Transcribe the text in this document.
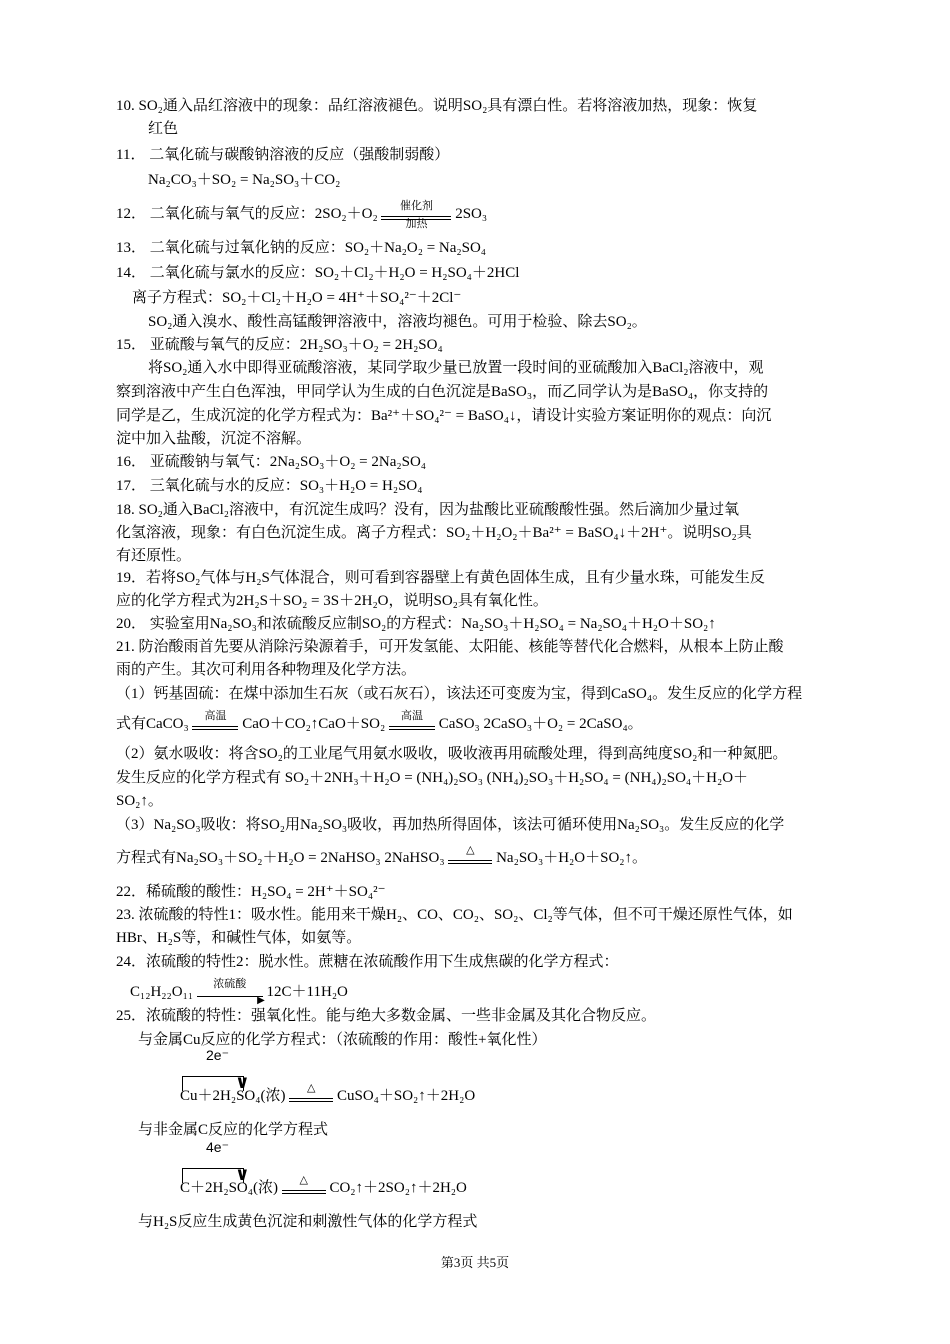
10. SO₂通入品红溶液中的现象：品红溶液褪色。说明SO₂具有漂白性。若将溶液加热，现象：恢复
红色
11． 二氧化硫与碳酸钠溶液的反应（强酸制弱酸）
Na₂CO₃＋SO₂ = Na₂SO₃＋CO₂
12． 二氧化硫与氧气的反应：2SO₂＋O₂
催化剂
加热
2SO₃
13． 二氧化硫与过氧化钠的反应：SO₂＋Na₂O₂ = Na₂SO₄
14． 二氧化硫与氯水的反应：SO₂＋Cl₂＋H₂O = H₂SO₄＋2HCl
离子方程式：SO₂＋Cl₂＋H₂O = 4H⁺＋SO₄²⁻＋2Cl⁻
SO₂通入溴水、酸性高锰酸钾溶液中，溶液均褪色。可用于检验、除去SO₂。
15． 亚硫酸与氧气的反应：2H₂SO₃＋O₂ = 2H₂SO₄
将SO₂通入水中即得亚硫酸溶液，某同学取少量已放置一段时间的亚硫酸加入BaCl₂溶液中，观
察到溶液中产生白色浑浊，甲同学认为生成的白色沉淀是BaSO₃，而乙同学认为是BaSO₄，你支持的
同学是乙，生成沉淀的化学方程式为：Ba²⁺＋SO₄²⁻ = BaSO₄↓，请设计实验方案证明你的观点：向沉
淀中加入盐酸，沉淀不溶解。
16． 亚硫酸钠与氧气：2Na₂SO₃＋O₂ = 2Na₂SO₄
17． 三氧化硫与水的反应：SO₃＋H₂O = H₂SO₄
18. SO₂通入BaCl₂溶液中，有沉淀生成吗？没有，因为盐酸比亚硫酸酸性强。然后滴加少量过氧
化氢溶液，现象：有白色沉淀生成。离子方程式：SO₂＋H₂O₂＋Ba²⁺ = BaSO₄↓＋2H⁺。说明SO₂具
有还原性。
19．若将SO₂气体与H₂S气体混合，则可看到容器壁上有黄色固体生成，且有少量水珠，可能发生反
应的化学方程式为2H₂S＋SO₂ = 3S＋2H₂O，说明SO₂具有氧化性。
20． 实验室用Na₂SO₃和浓硫酸反应制SO₂的方程式：Na₂SO₃＋H₂SO₄ = Na₂SO₄＋H₂O＋SO₂↑
21. 防治酸雨首先要从消除污染源着手，可开发氢能、太阳能、核能等替代化合燃料，从根本上防止酸
雨的产生。其次可利用各种物理及化学方法。
（1）钙基固硫：在煤中添加生石灰（或石灰石），该法还可变废为宝，得到CaSO₄。发生反应的化学方程
式有CaCO₃
高温
CaO＋CO₂↑CaO＋SO₂
高温
CaSO₃ 2CaSO₃＋O₂ = 2CaSO₄。
（2）氨水吸收：将含SO₂的工业尾气用氨水吸收，吸收液再用硫酸处理，得到高纯度SO₂和一种氮肥。
发生反应的化学方程式有 SO₂＋2NH₃＋H₂O = (NH₄)₂SO₃ (NH₄)₂SO₃＋H₂SO₄ = (NH₄)₂SO₄＋H₂O＋
SO₂↑。
（3）Na₂SO₃吸收：将SO₂用Na₂SO₃吸收，再加热所得固体，该法可循环使用Na₂SO₃。发生反应的化学
方程式有Na₂SO₃＋SO₂＋H₂O = 2NaHSO₃ 2NaHSO₃
△
Na₂SO₃＋H₂O＋SO₂↑。
22．稀硫酸的酸性：H₂SO₄ = 2H⁺＋SO₄²⁻
23. 浓硫酸的特性1：吸水性。能用来干燥H₂、CO、CO₂、SO₂、Cl₂等气体，但不可干燥还原性气体，如
HBr、H₂S等，和碱性气体，如氨等。
24．浓硫酸的特性2：脱水性。蔗糖在浓硫酸作用下生成焦碳的化学方程式：
C₁₂H₂₂O₁₁	浓硫酸
▶
12C＋11H₂O
25．浓硫酸的特性：强氧化性。能与绝大多数金属、一些非金属及其化合物反应。
与金属Cu反应的化学方程式：（浓硫酸的作用：酸性+氧化性）
2e⁻
∨
Cu＋2H₂SO₄(浓)
△
CuSO₄＋SO₂↑＋2H₂O
与非金属C反应的化学方程式
4e⁻
∨
C＋2H₂SO₄(浓)
△
CO₂↑＋2SO₂↑＋2H₂O
与H₂S反应生成黄色沉淀和刺激性气体的化学方程式
第3页 共5页
